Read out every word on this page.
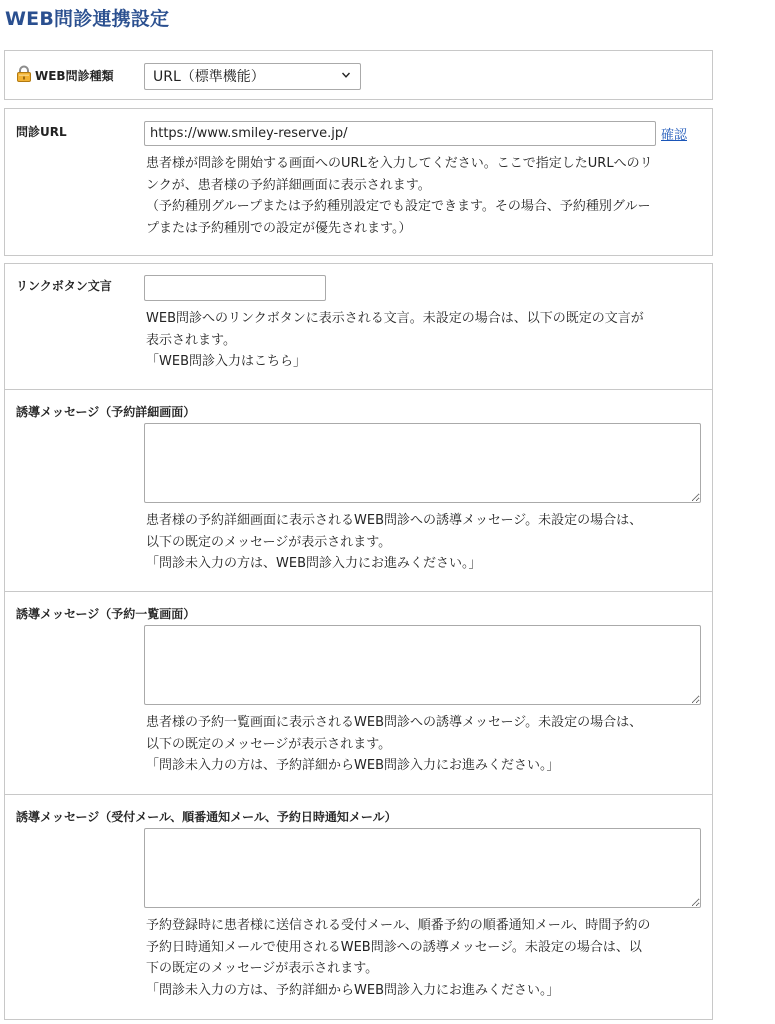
WEB問診連携設定
WEB問診種類
URL（標準機能）
問診URL
https://www.smiley-reserve.jp/	確認

患者様が問診を開始する画面へのURLを入力してください。ここで指定したURLへのリ

ンクが、患者様の予約詳細画面に表示されます。

（予約種別グループまたは予約種別設定でも設定できます。その場合、予約種別グルー

プまたは予約種別での設定が優先されます。）

リンクボタン文言

WEB問診へのリンクボタンに表示される文言。未設定の場合は、以下の既定の文言が

表示されます。

「WEB問診入力はこちら」

誘導メッセージ（予約詳細画面）

患者様の予約詳細画面に表示されるWEB問診への誘導メッセージ。未設定の場合は、

以下の既定のメッセージが表示されます。

「問診未入力の方は、WEB問診入力にお進みください。」

誘導メッセージ（予約一覧画面）

患者様の予約一覧画面に表示されるWEB問診への誘導メッセージ。未設定の場合は、

以下の既定のメッセージが表示されます。

「問診未入力の方は、予約詳細からWEB問診入力にお進みください。」

誘導メッセージ（受付メール、順番通知メール、予約日時通知メール）

予約登録時に患者様に送信される受付メール、順番予約の順番通知メール、時間予約の

予約日時通知メールで使用されるWEB問診への誘導メッセージ。未設定の場合は、以

下の既定のメッセージが表示されます。

「問診未入力の方は、予約詳細からWEB問診入力にお進みください。」
